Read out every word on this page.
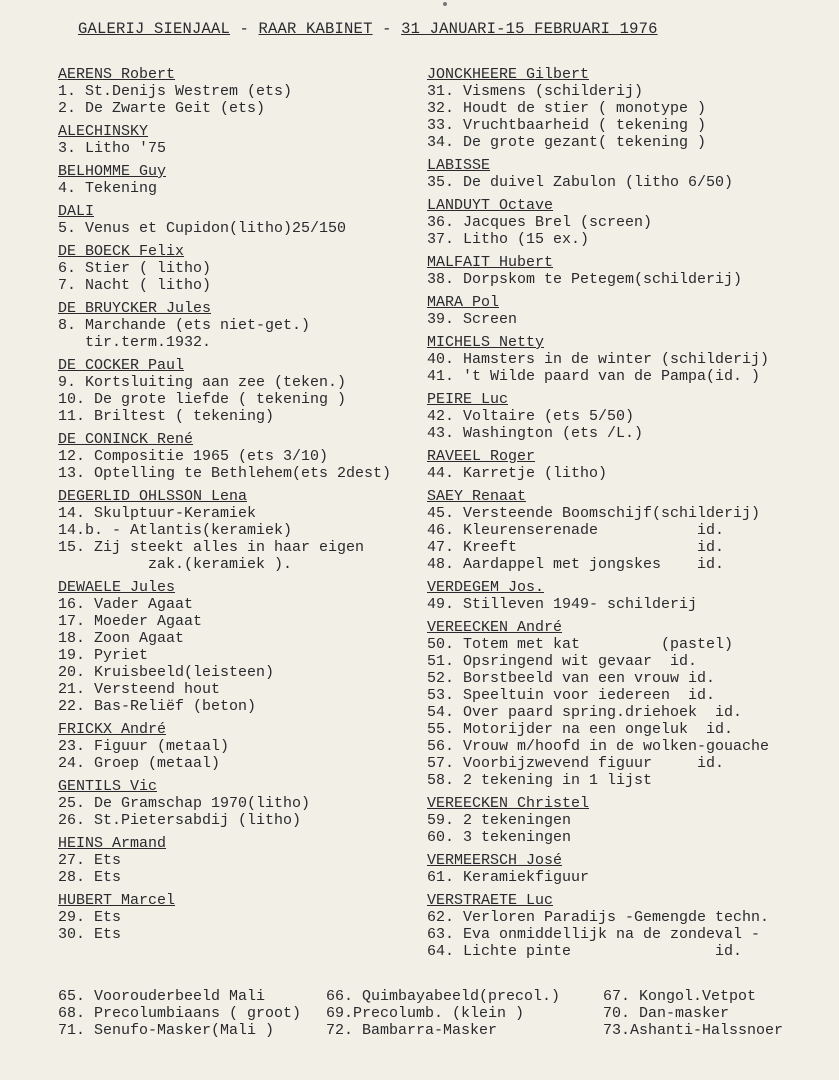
GALERIJ SIENJAAL - RAAR KABINET - 31 JANUARI-15 FEBRUARI 1976
AERENS Robert
1. St.Denijs Westrem (ets)
2. De Zwarte Geit (ets)
ALECHINSKY
3. Litho '75
BELHOMME Guy
4. Tekening
DALI
5. Venus et Cupidon(litho)25/150
DE BOECK Felix
6. Stier ( litho)
7. Nacht ( litho)
DE BRUYCKER Jules
8. Marchande (ets niet-get.)
tir.term.1932.
DE COCKER Paul
9. Kortsluiting aan zee (teken.)
10. De grote liefde ( tekening )
11. Briltest ( tekening)
DE CONINCK René
12. Compositie 1965 (ets 3/10)
13. Optelling te Bethlehem(ets 2dest)
DEGERLID OHLSSON Lena
14. Skulptuur-Keramiek
14.b. - Atlantis(keramiek)
15. Zij steekt alles in haar eigen
zak.(keramiek ).
DEWAELE Jules
16. Vader Agaat
17. Moeder Agaat
18. Zoon Agaat
19. Pyriet
20. Kruisbeeld(leisteen)
21. Versteend hout
22. Bas-Reliëf (beton)
FRICKX André
23. Figuur (metaal)
24. Groep (metaal)
GENTILS Vic
25. De Gramschap 1970(litho)
26. St.Pietersabdij (litho)
HEINS Armand
27. Ets
28. Ets
HUBERT Marcel
29. Ets
30. Ets
JONCKHEERE Gilbert
31. Vismens (schilderij)
32. Houdt de stier ( monotype )
33. Vruchtbaarheid ( tekening )
34. De grote gezant( tekening )
LABISSE
35. De duivel Zabulon (litho 6/50)
LANDUYT Octave
36. Jacques Brel (screen)
37. Litho (15 ex.)
MALFAIT Hubert
38. Dorpskom te Petegem(schilderij)
MARA Pol
39. Screen
MICHELS Netty
40. Hamsters in de winter (schilderij)
41. 't Wilde paard van de Pampa(id. )
PEIRE Luc
42. Voltaire (ets 5/50)
43. Washington (ets /L.)
RAVEEL Roger
44. Karretje (litho)
SAEY Renaat
45. Versteende Boomschijf(schilderij)
46. Kleurenserenade           id.
47. Kreeft                    id.
48. Aardappel met jongskes    id.
VERDEGEM Jos.
49. Stilleven 1949- schilderij
VEREECKEN André
50. Totem met kat         (pastel)
51. Opsringend wit gevaar  id.
52. Borstbeeld van een vrouw id.
53. Speeltuin voor iedereen  id.
54. Over paard spring.driehoek  id.
55. Motorijder na een ongeluk  id.
56. Vrouw m/hoofd in de wolken-gouache
57. Voorbijzwevend figuur     id.
58. 2 tekening in 1 lijst
VEREECKEN Christel
59. 2 tekeningen
60. 3 tekeningen
VERMEERSCH José
61. Keramiekfiguur
VERSTRAETE Luc
62. Verloren Paradijs -Gemengde techn.
63. Eva onmiddellijk na de zondeval -
64. Lichte pinte                id.
65. Voorouderbeeld Mali	66. Quimbayabeeld(precol.)	67. Kongol.Vetpot
68. Precolumbiaans ( groot)	69.Precolumb. (klein )	70. Dan-masker
71. Senufo-Masker(Mali )	72. Bambarra-Masker	73.Ashanti-Halssnoer
